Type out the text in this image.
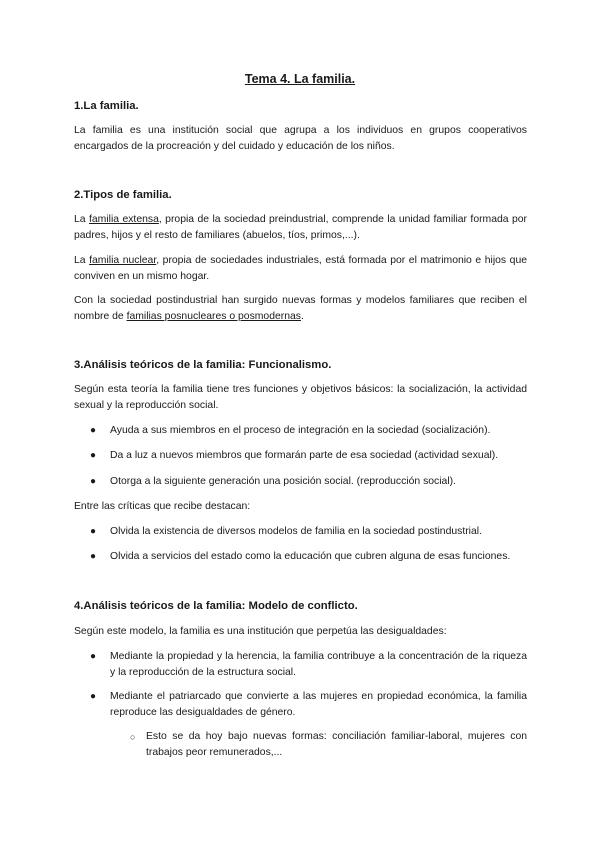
Tema 4. La familia.
1.La familia.
La familia es una institución social que agrupa a los individuos en grupos cooperativos encargados de la procreación y del cuidado y educación de los niños.
2.Tipos de familia.
La familia extensa, propia de la sociedad preindustrial, comprende la unidad familiar formada por padres, hijos y el resto de familiares (abuelos, tíos, primos,...).
La familia nuclear, propia de sociedades industriales, está formada por el matrimonio e hijos que conviven en un mismo hogar.
Con la sociedad postindustrial han surgido nuevas formas y modelos familiares que reciben el nombre de familias posnucleares o posmodernas.
3.Análisis teóricos de la familia: Funcionalismo.
Según esta teoría la familia tiene tres funciones y objetivos básicos: la socialización, la actividad sexual y la reproducción social.
● Ayuda a sus miembros en el proceso de integración en la sociedad (socialización).
● Da a luz a nuevos miembros que formarán parte de esa sociedad (actividad sexual).
● Otorga a la siguiente generación una posición social. (reproducción social).
Entre las críticas que recibe destacan:
● Olvida la existencia de diversos modelos de familia en la sociedad postindustrial.
● Olvida a servicios del estado como la educación que cubren alguna de esas funciones.
4.Análisis teóricos de la familia: Modelo de conflicto.
Según este modelo, la familia es una institución que perpetúa las desigualdades:
● Mediante la propiedad y la herencia, la familia contribuye a la concentración de la riqueza y la reproducción de la estructura social.
● Mediante el patriarcado que convierte a las mujeres en propiedad económica, la familia reproduce las desigualdades de género.
○ Esto se da hoy bajo nuevas formas: conciliación familiar-laboral, mujeres con trabajos peor remunerados,...
